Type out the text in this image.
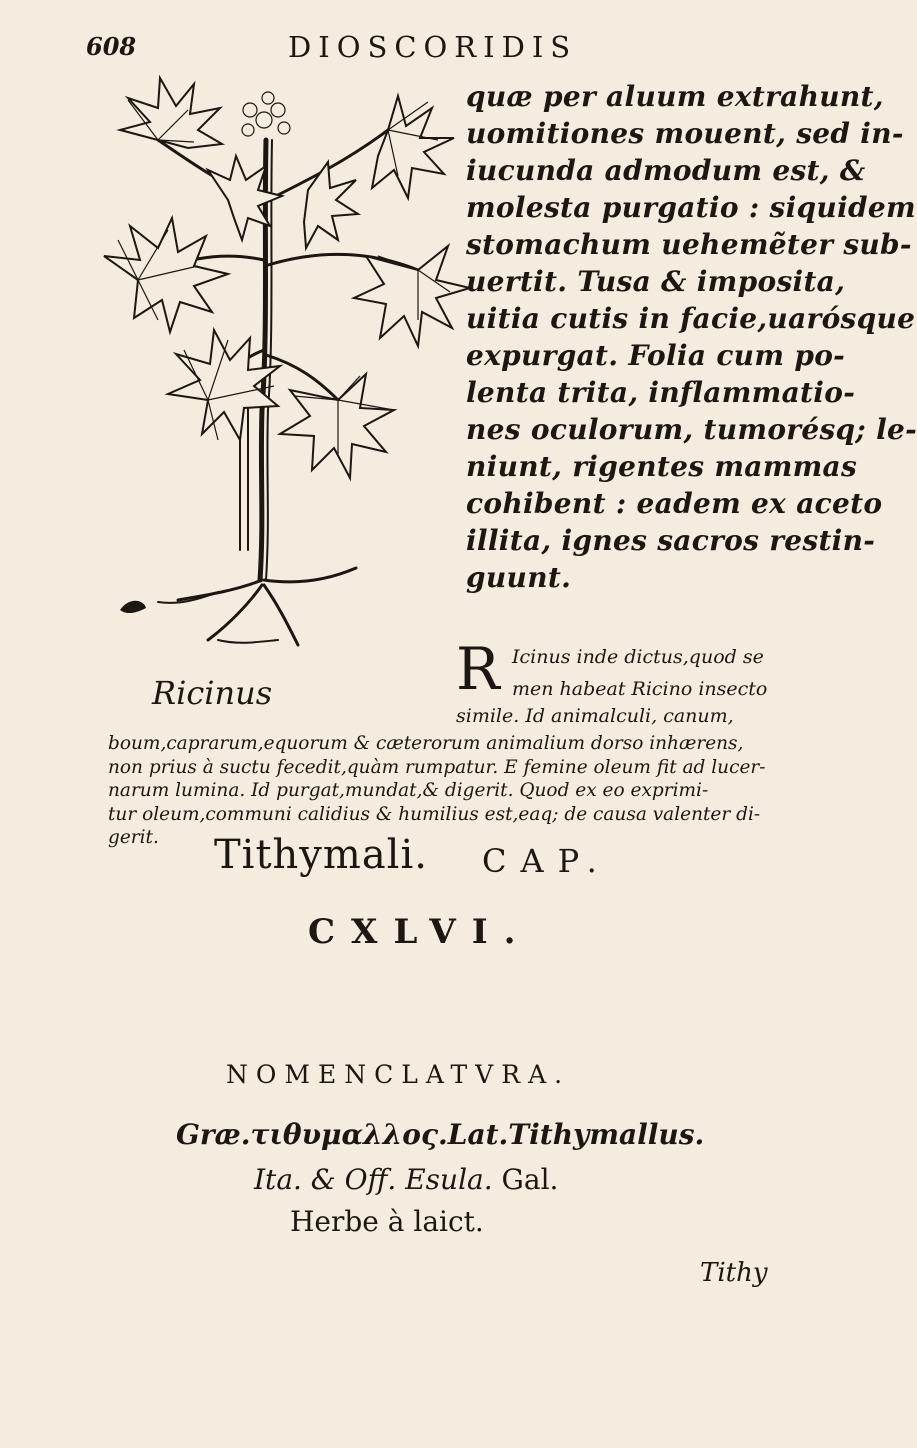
608	DIOSCORIDIS
Ricinus
quæ per aluum extrahunt,
uomitiones mouent, sed in-
iucunda admodum est, &
molesta purgatio : siquidem
stomachum uehemẽter sub-
uertit. Tusa & imposita,
uitia cutis in facie,uarósque
expurgat. Folia cum po-
lenta trita, inflammatio-
nes oculorum, tumorésq; le-
niunt, rigentes mammas
cohibent : eadem ex aceto
illita, ignes sacros restin-
guunt.
R Icinus inde dictus,quod se
men habeat Ricino insecto
simile. Id animalculi, canum,
boum,caprarum,equorum & cæterorum animalium dorso inhærens,
non prius à suctu fecedit,quàm rumpatur. E femine oleum fit ad lucer-
narum lumina. Id purgat,mundat,& digerit. Quod ex eo exprimi-
tur oleum,communi calidius & humilius est,eaq; de causa valenter di-
gerit.	Tithymali. CAP.
CXLVI.
NOMENCLATVRA.
Græ.τιθυμαλλος.Lat.Tithymallus.
Ita. & Off. Esula. Gal.
Herbe à laict.
Tithy
